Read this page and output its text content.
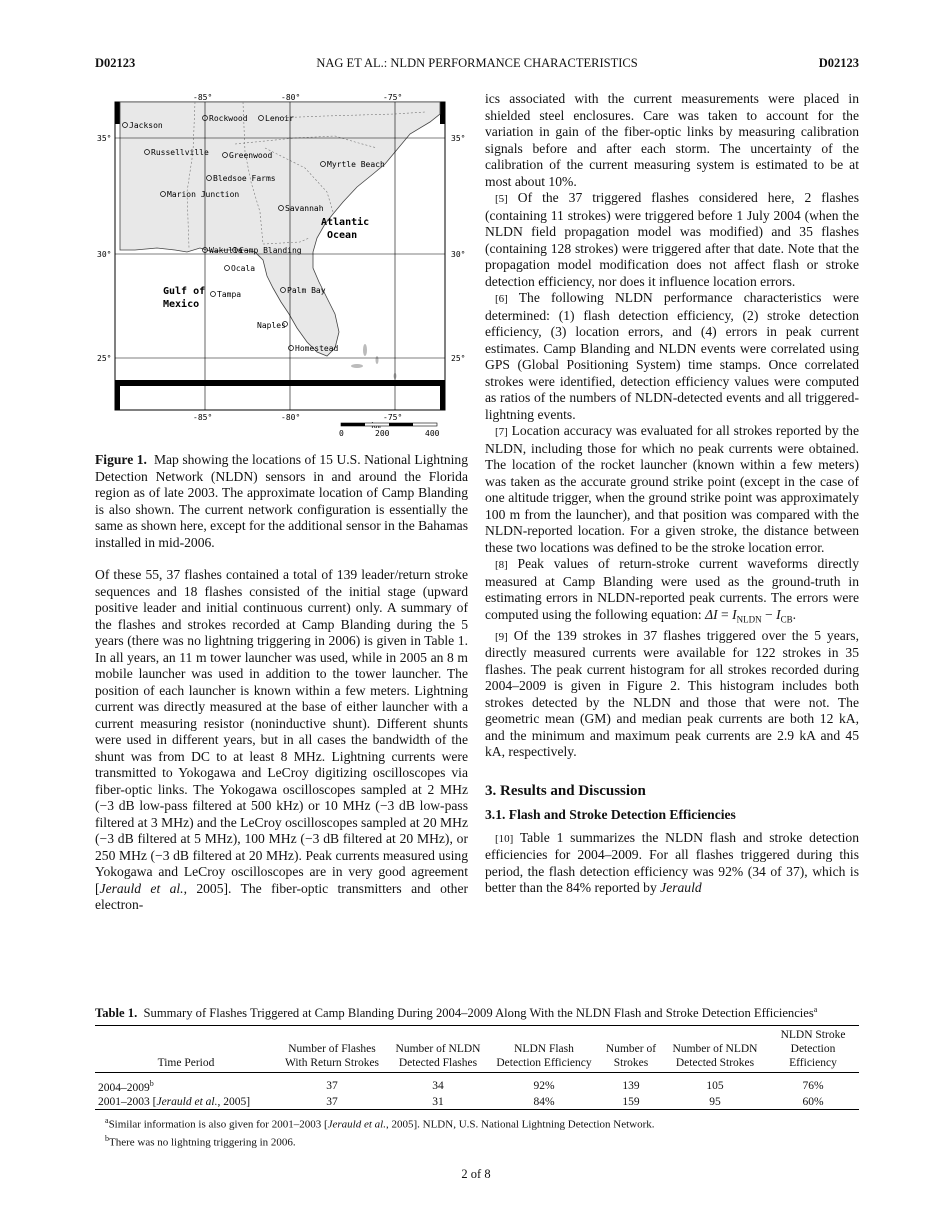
D02123	NAG ET AL.: NLDN PERFORMANCE CHARACTERISTICS	D02123
-85°	-80°	-75°
-85°	-80°	-75°
35°
30°
25°
35°
30°
25°
Jackson
Rockwood Lenoir
Russellville	Greenwood
Myrtle Beach
Bledsoe Farms
Marion Junction
Savannah
Wakulla
Camp Blanding
Ocala
Tampa	Palm Bay
Naples
Homestead
Atlantic
Ocean
Gulf of
Mexico
0	200	400

Figure 1. Map showing the locations of 15 U.S. National Lightning Detection Network (NLDN) sensors in and around the Florida region as of late 2003. The approximate location of Camp Blanding is also shown. The current network configuration is essentially the same as shown here, except for the additional sensor in the Bahamas installed in mid-2006.

Of these 55, 37 flashes contained a total of 139 leader/return stroke sequences and 18 flashes consisted of the initial stage (upward positive leader and initial continuous current) only. A summary of the flashes and strokes recorded at Camp Blanding during the 5 years (there was no lightning triggering in 2006) is given in Table 1. In all years, an 11 m tower launcher was used, while in 2005 an 8 m mobile launcher was used in addition to the tower launcher. The position of each launcher is known within a few meters. Lightning current was directly measured at the base of either launcher with a current measuring resistor (noninductive shunt). Different shunts were used in different years, but in all cases the bandwidth of the shunt was from DC to at least 8 MHz. Lightning currents were transmitted to Yokogawa and LeCroy digitizing oscilloscopes via fiber-optic links. The Yokogawa oscilloscopes sampled at 2 MHz (−3 dB low-pass filtered at 500 kHz) or 10 MHz (−3 dB low-pass filtered at 3 MHz) and the LeCroy oscilloscopes sampled at 20 MHz (−3 dB filtered at 5 MHz), 100 MHz (−3 dB filtered at 20 MHz), or 250 MHz (−3 dB filtered at 20 MHz). Peak currents measured using Yokogawa and LeCroy oscilloscopes are in very good agreement [Jerauld et al., 2005]. The fiber-optic transmitters and other electron-

ics associated with the current measurements were placed in shielded steel enclosures. Care was taken to account for the variation in gain of the fiber-optic links by measuring calibration signals before and after each storm. The uncertainty of the calibration of the current measuring system is estimated to be at most about 10%.

[5] Of the 37 triggered flashes considered here, 2 flashes (containing 11 strokes) were triggered before 1 July 2004 (when the NLDN field propagation model was modified) and 35 flashes (containing 128 strokes) were triggered after that date. Note that the propagation model modification does not affect flash or stroke detection efficiency, nor does it influence location errors.

[6] The following NLDN performance characteristics were determined: (1) flash detection efficiency, (2) stroke detection efficiency, (3) location errors, and (4) errors in peak current estimates. Camp Blanding and NLDN events were correlated using GPS (Global Positioning System) time stamps. Once correlated strokes were identified, detection efficiency values were computed as ratios of the numbers of NLDN-detected events and all triggered-lightning events.

[7] Location accuracy was evaluated for all strokes reported by the NLDN, including those for which no peak currents were obtained. The location of the rocket launcher (known within a few meters) was taken as the accurate ground strike point (except in the case of one altitude trigger, when the ground strike point was approximately 100 m from the launcher), and that position was compared with the NLDN-reported location. For a given stroke, the distance between these two locations was defined to be the stroke location error.

[8] Peak values of return-stroke current waveforms directly measured at Camp Blanding were used as the ground-truth in estimating errors in NLDN-reported peak currents. The errors were computed using the following equation: $\Delta I = I_{NLDN} - I_{CB}$.

[9] Of the 139 strokes in 37 flashes triggered over the 5 years, directly measured currents were available for 122 strokes in 35 flashes. The peak current histogram for all strokes recorded during 2004–2009 is given in Figure 2. This histogram includes both strokes detected by the NLDN and those that were not. The geometric mean (GM) and median peak currents are both 12 kA, and the minimum and maximum peak currents are 2.9 kA and 45 kA, respectively.

3. Results and Discussion
3.1. Flash and Stroke Detection Efficiencies

[10] Table 1 summarizes the NLDN flash and stroke detection efficiencies for 2004–2009. For all flashes triggered during this period, the flash detection efficiency was 92% (34 of 37), which is better than the 84% reported by Jerauld

Table 1. Summary of Flashes Triggered at Camp Blanding During 2004–2009 Along With the NLDN Flash and Stroke Detection Efficiencies$^a$
Time Period	Number of Flashes With Return Strokes	Number of NLDN Detected Flashes	NLDN Flash Detection Efficiency	Number of Strokes	Number of NLDN Detected Strokes	NLDN Stroke Detection Efficiency
2004–2009$^b$	37	34	92%	139	105	76%
2001–2003 [Jerauld et al., 2005]	37	31	84%	159	95	60%
$^a$Similar information is also given for 2001–2003 [Jerauld et al., 2005]. NLDN, U.S. National Lightning Detection Network.
$^b$There was no lightning triggering in 2006.
2 of 8
